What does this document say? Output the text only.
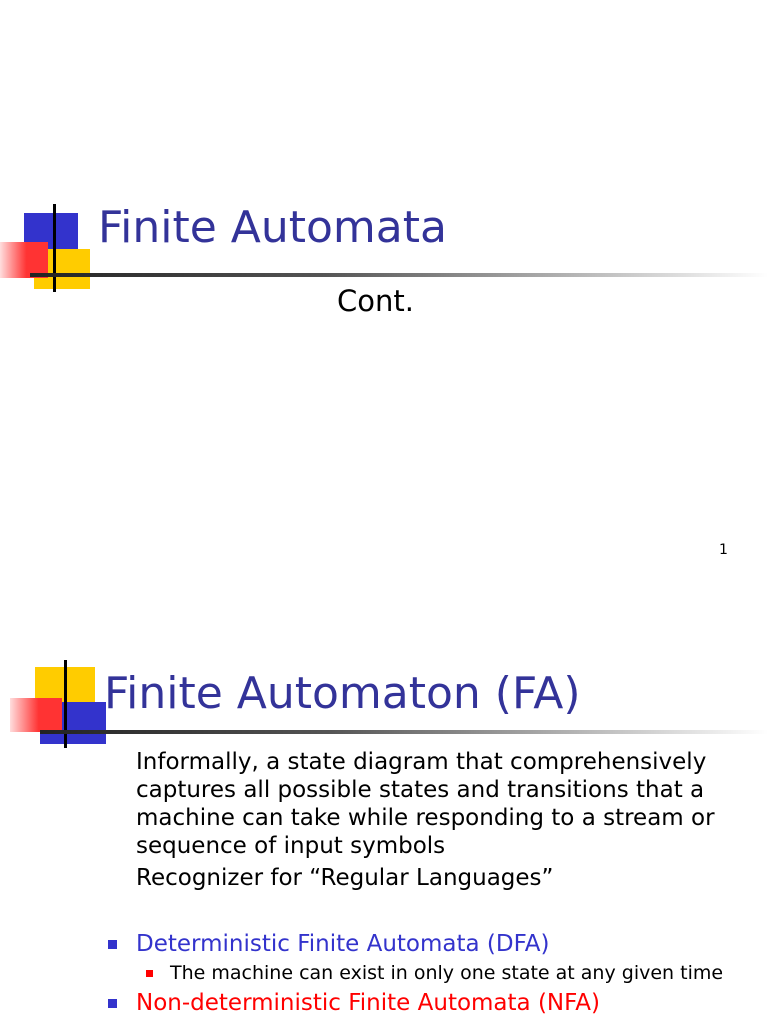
Finite Automata
Cont.
1
Finite Automaton (FA)
Informally, a state diagram that comprehensively captures all possible states and transitions that a machine can take while responding to a stream or sequence of input symbols
Recognizer for “Regular Languages”
Deterministic Finite Automata (DFA)
The machine can exist in only one state at any given time
Non-deterministic Finite Automata (NFA)
